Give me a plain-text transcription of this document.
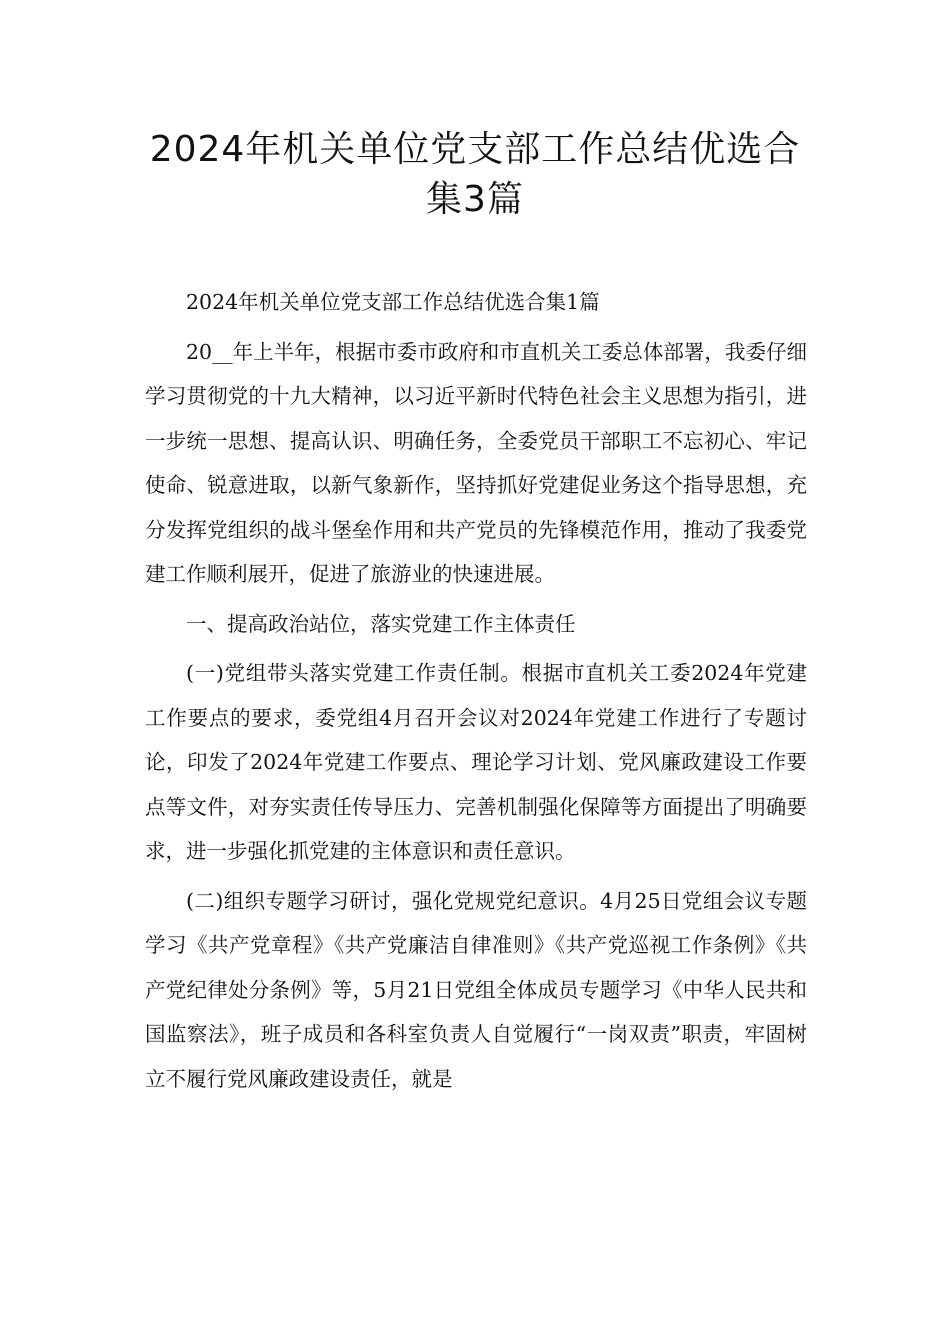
2024年机关单位党支部工作总结优选合
集3篇

2024年机关单位党支部工作总结优选合集1篇

20__年上半年，根据市委市政府和市直机关工委总体部署，我委仔细学习贯彻党的十九大精神，以习近平新时代特色社会主义思想为指引，进一步统一思想、提高认识、明确任务，全委党员干部职工不忘初心、牢记使命、锐意进取，以新气象新作，坚持抓好党建促业务这个指导思想，充分发挥党组织的战斗堡垒作用和共产党员的先锋模范作用，推动了我委党建工作顺利展开，促进了旅游业的快速进展。

一、提高政治站位，落实党建工作主体责任

(一)党组带头落实党建工作责任制。根据市直机关工委2024年党建工作要点的要求，委党组4月召开会议对2024年党建工作进行了专题讨论，印发了2024年党建工作要点、理论学习计划、党风廉政建设工作要点等文件，对夯实责任传导压力、完善机制强化保障等方面提出了明确要求，进一步强化抓党建的主体意识和责任意识。

(二)组织专题学习研讨，强化党规党纪意识。4月25日党组会议专题学习《共产党章程》《共产党廉洁自律准则》《共产党巡视工作条例》《共产党纪律处分条例》等，5月21日党组全体成员专题学习《中华人民共和国监察法》，班子成员和各科室负责人自觉履行“一岗双责”职责，牢固树立不履行党风廉政建设责任，就是
